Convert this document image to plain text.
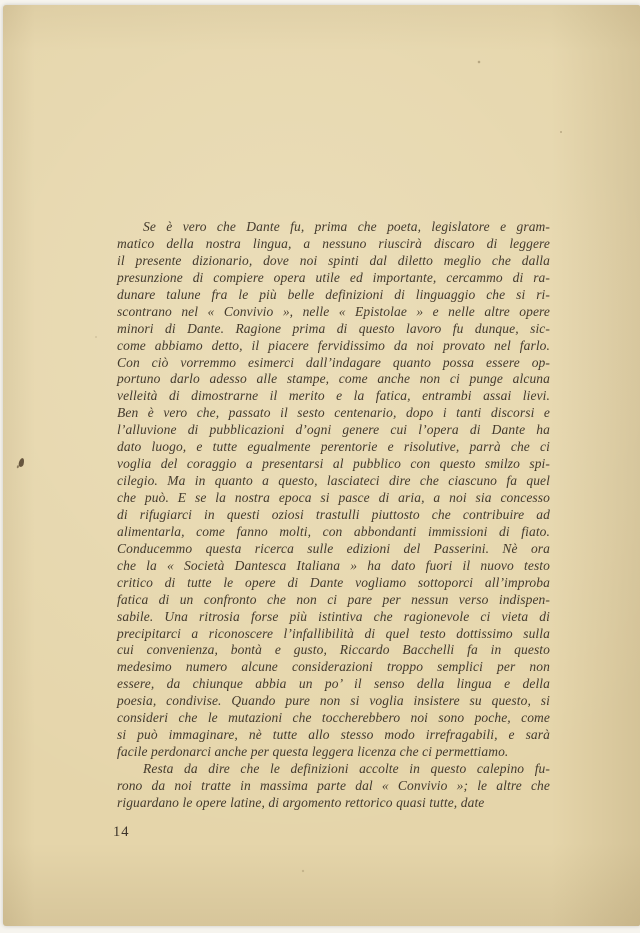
Se è vero che Dante fu, prima che poeta, legislatore e gram-
matico della nostra lingua, a nessuno riuscirà discaro di leggere
il presente dizionario, dove noi spinti dal diletto meglio che dalla
presunzione di compiere opera utile ed importante, cercammo di ra-
dunare talune fra le più belle definizioni di linguaggio che si ri-
scontrano nel « Convivio », nelle « Epistolae » e nelle altre opere
minori di Dante. Ragione prima di questo lavoro fu dunque, sic-
come abbiamo detto, il piacere fervidissimo da noi provato nel farlo.
Con ciò vorremmo esimerci dall’indagare quanto possa essere op-
portuno darlo adesso alle stampe, come anche non ci punge alcuna
velleità di dimostrarne il merito e la fatica, entrambi assai lievi.
Ben è vero che, passato il sesto centenario, dopo i tanti discorsi e
l’alluvione di pubblicazioni d’ogni genere cui l’opera di Dante ha
dato luogo, e tutte egualmente perentorie e risolutive, parrà che ci
voglia del coraggio a presentarsi al pubblico con questo smilzo spi-
cilegio. Ma in quanto a questo, lasciateci dire che ciascuno fa quel
che può. E se la nostra epoca si pasce di aria, a noi sia concesso
di rifugiarci in questi oziosi trastulli piuttosto che contribuire ad
alimentarla, come fanno molti, con abbondanti immissioni di fiato.
Conducemmo questa ricerca sulle edizioni del Passerini. Nè ora
che la « Società Dantesca Italiana » ha dato fuori il nuovo testo
critico di tutte le opere di Dante vogliamo sottoporci all’improba
fatica di un confronto che non ci pare per nessun verso indispen-
sabile. Una ritrosia forse più istintiva che ragionevole ci vieta di
precipitarci a riconoscere l’infallibilità di quel testo dottissimo sulla
cui convenienza, bontà e gusto, Riccardo Bacchelli fa in questo
medesimo numero alcune considerazioni troppo semplici per non
essere, da chiunque abbia un po’ il senso della lingua e della
poesia, condivise. Quando pure non si voglia insistere su questo, si
consideri che le mutazioni che toccherebbero noi sono poche, come
si può immaginare, nè tutte allo stesso modo irrefragabili, e sarà
facile perdonarci anche per questa leggera licenza che ci permettiamo.
Resta da dire che le definizioni accolte in questo calepino fu-
rono da noi tratte in massima parte dal « Convivio »; le altre che
riguardano le opere latine, di argomento rettorico quasi tutte, date
14
